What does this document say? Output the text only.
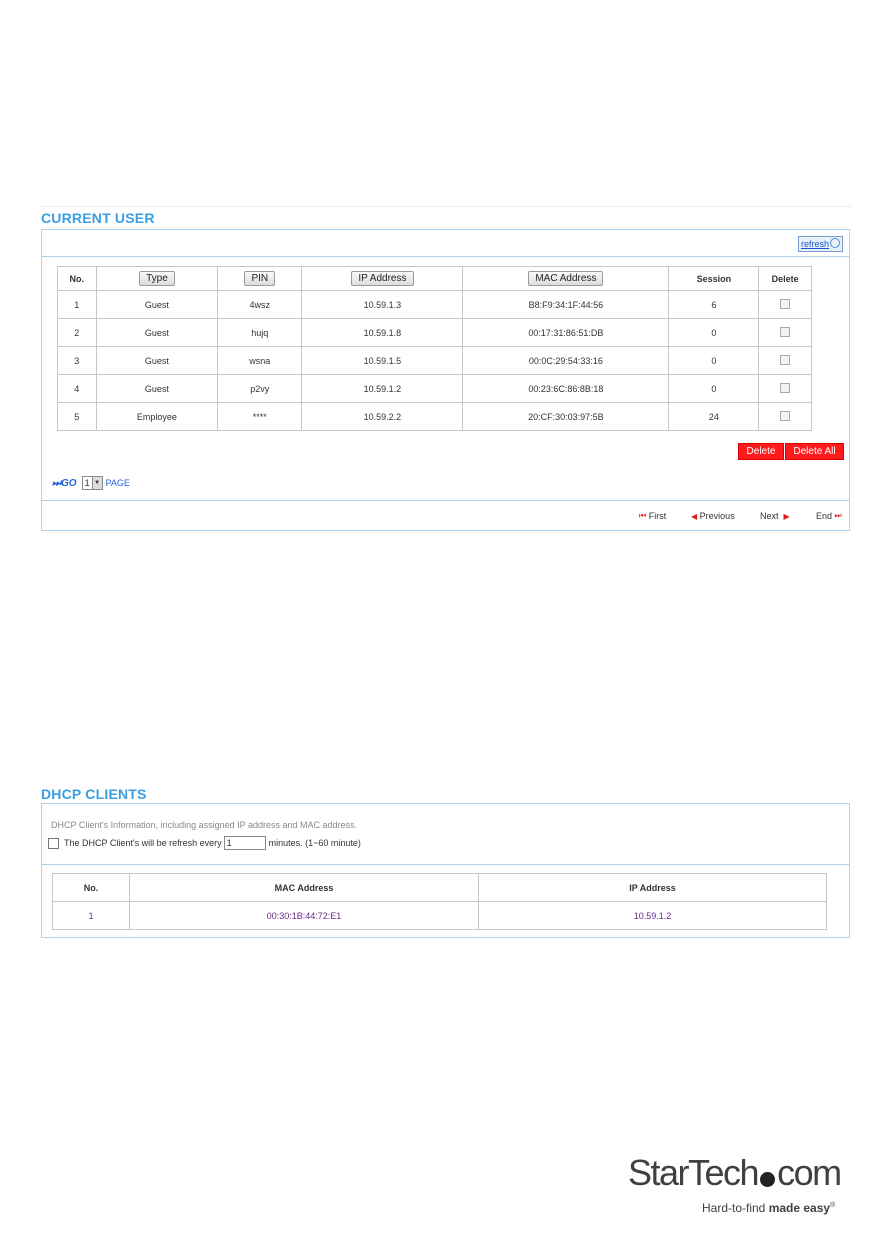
CURRENT USER
refresh
No.	Type	PIN	IP Address	MAC Address	Session	Delete
1	Guest	4wsz	10.59.1.3	B8:F9:34:1F:44:56	6	
2	Guest	hujq	10.59.1.8	00:17:31:86:51:DB	0	
3	Guest	wsna	10.59.1.5	00:0C:29:54:33:16	0	
4	Guest	p2vy	10.59.1.2	00:23:6C:86:8B:18	0	
5	Employee	****	10.59.2.2	20:CF:30:03:97:5B	24	
Delete	Delete All
⏭GO 1 ▼ PAGE
⏮
First	◀
Previous	Next
▶	End
⏭
DHCP CLIENTS
DHCP Client's Information, including assigned IP address and MAC address.
The DHCP Client's will be refresh every 1	minutes. (1~60 minute)
No.	MAC Address	IP Address
1	00:30:1B:44:72:E1	10.59.1.2
StarTech com
Hard-to-find made easy®
